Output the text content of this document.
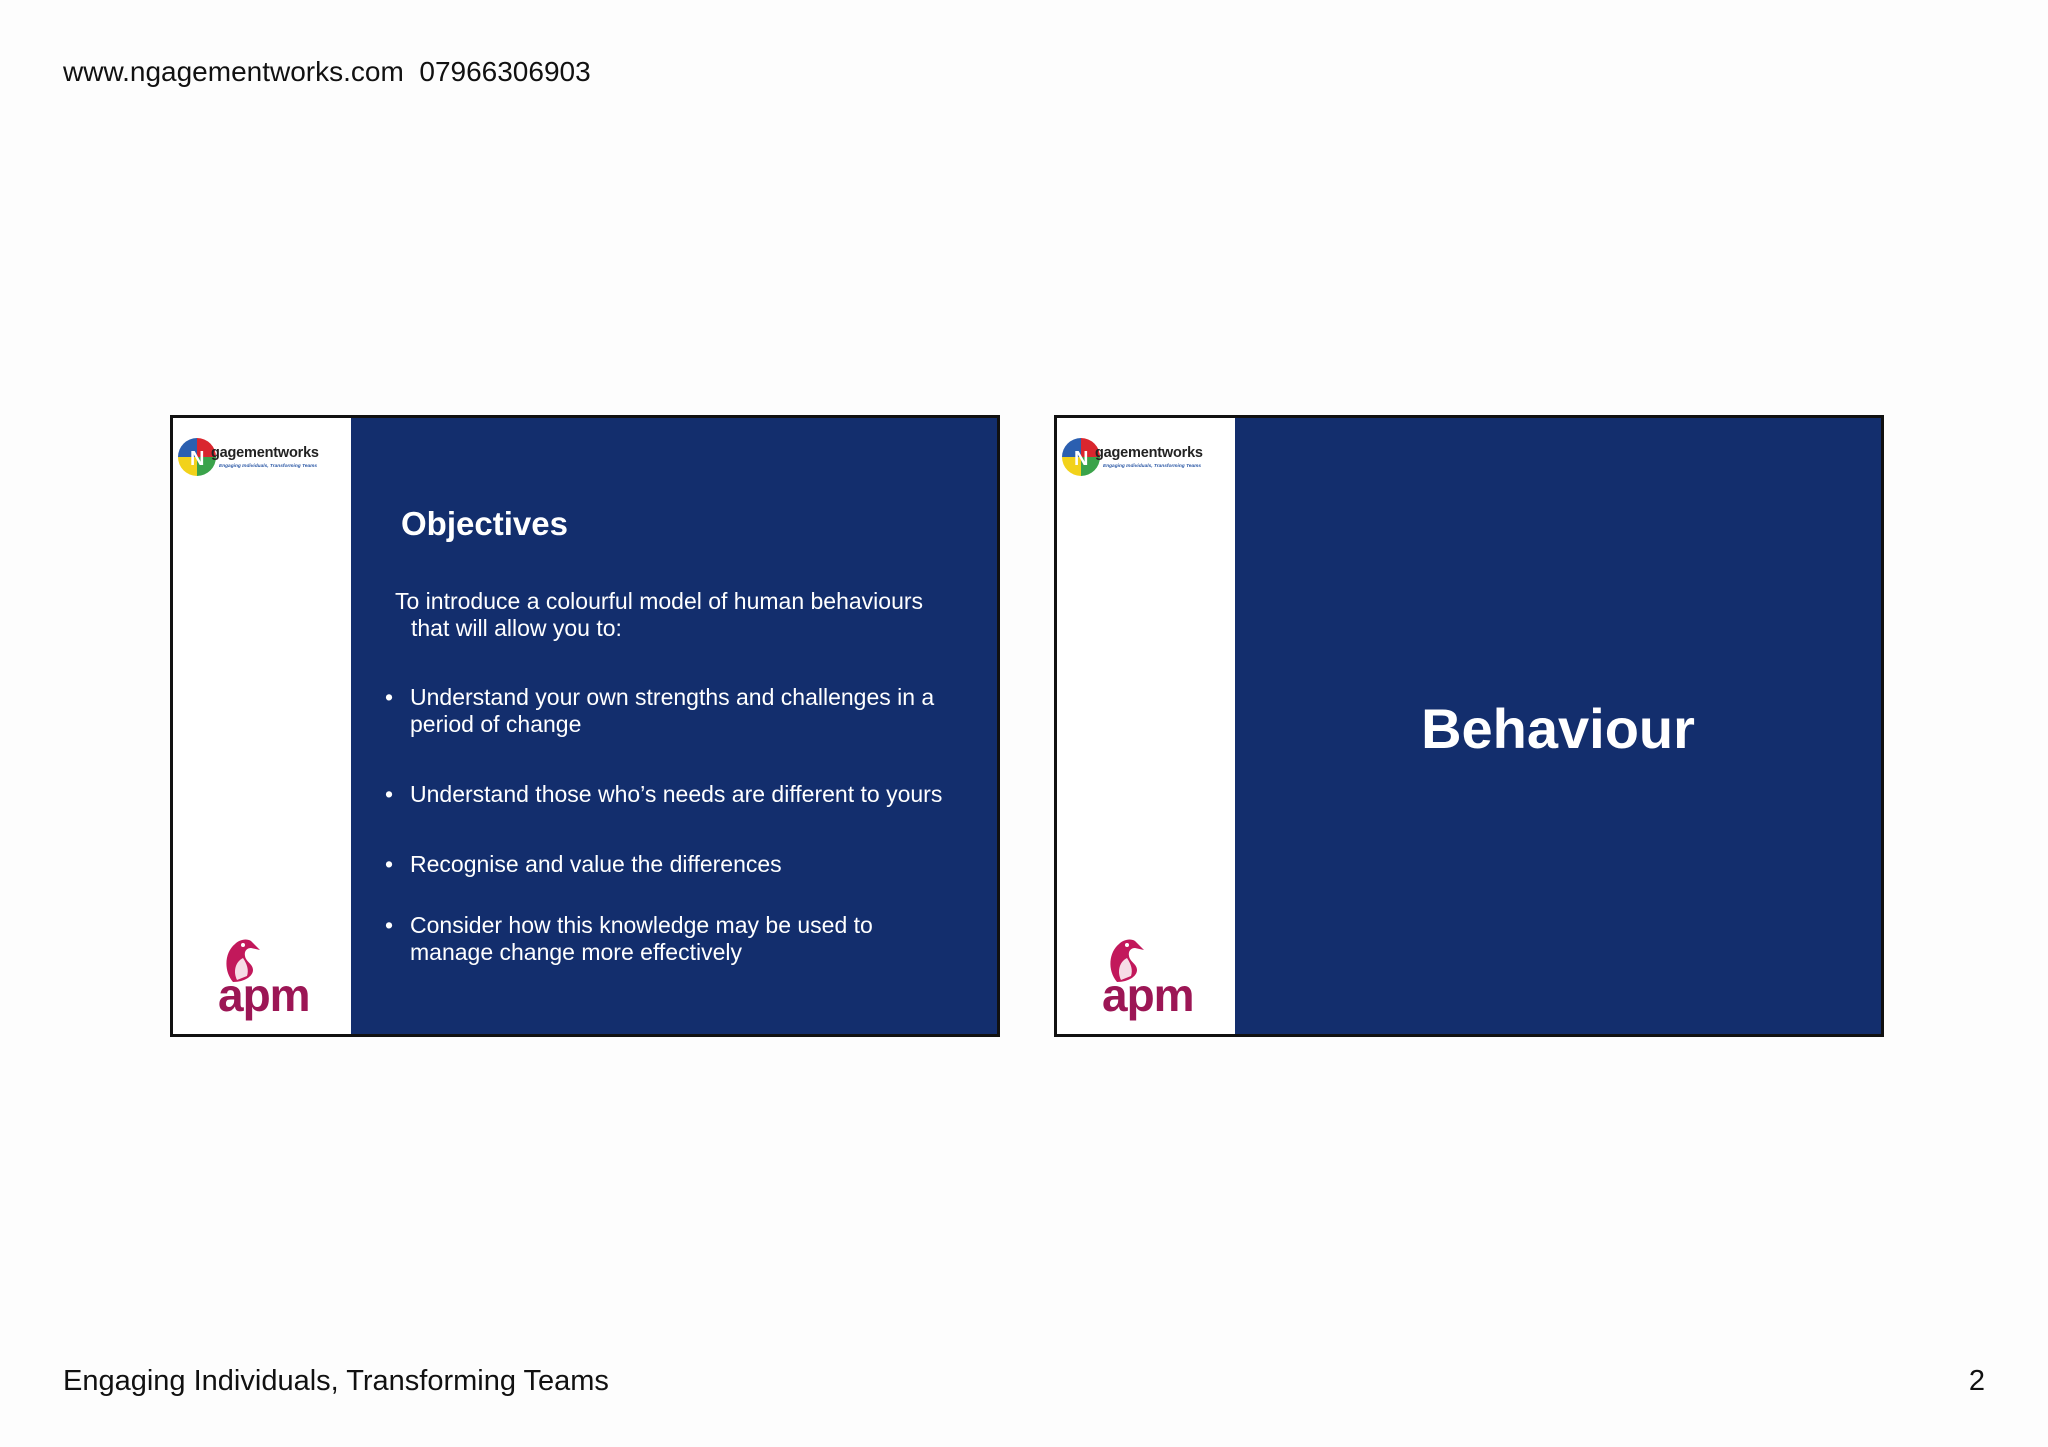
www.ngagementworks.com 07966306903
N gagementworks
Engaging Individuals, Transforming Teams
apm
Objectives
To introduce a colourful model of human behaviours
that will allow you to:
• Understand your own strengths and challenges in a
period of change
• Understand those who’s needs are different to yours
• Recognise and value the differences
• Consider how this knowledge may be used to
manage change more effectively
N gagementworks
Engaging Individuals, Transforming Teams
apm
Behaviour
Engaging Individuals, Transforming Teams	2
